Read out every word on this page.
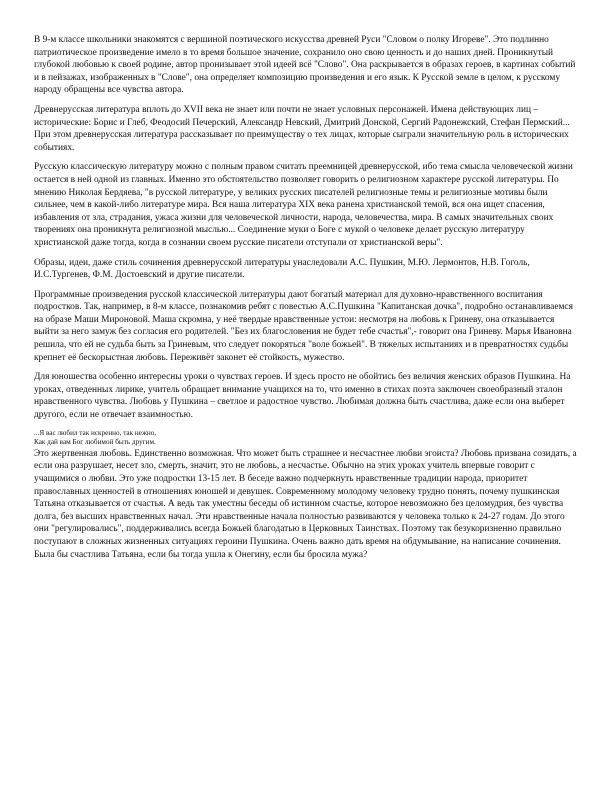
В 9-м классе школьники знакомятся с вершиной поэтического искусства древней Руси "Словом о полку Игореве". Это подлинно патриотическое произведение имело в то время большое значение, сохранило оно свою ценность и до наших дней. Проникнутый глубокой любовью к своей родине, автор пронизывает этой идеей всё "Слово". Она раскрывается в образах героев, в картинах событий и в пейзажах, изображенных в "Слове", она определяет композицию произведения и его язык. К Русской земле в целом, к русскому народу обращены все чувства автора.

Древнерусская литература вплоть до XVII века не знает или почти не знает условных персонажей. Имена действующих лиц – исторические: Борис и Глеб, Феодосий Печерский, Александр Невский, Дмитрий Донской, Сергий Радонежский, Стефан Пермский... При этом древнерусская литература рассказывает по преимуществу о тех лицах, которые сыграли значительную роль в исторических событиях.

Русскую классическую литературу можно с полным правом считать преемницей древнерусской, ибо тема смысла человеческой жизни остается в ней одной из главных. Именно это обстоятельство позволяет говорить о религиозном характере русской литературы. По мнению Николая Бердяева, "в русской литературе, у великих русских писателей религиозные темы и религиозные мотивы были сильнее, чем в какой-либо литературе мира. Вся наша литература XIX века ранена христианской темой, вся она ищет спасения, избавления от зла, страдания, ужаса жизни для человеческой личности, народа, человечества, мира. В самых значительных своих творениях она проникнута религиозной мыслью... Соединение муки о Боге с мукой о человеке делает русскую литературу христианской даже тогда, когда в сознании своем русские писатели отступали от христианской веры".

Образы, идеи, даже стиль сочинения древнерусской литературы унаследовали А.С. Пушкин, М.Ю. Лермонтов, Н.В. Гоголь, И.С.Тургенев, Ф.М. Достоевский и другие писатели.

Программные произведения русской классической литературы дают богатый материал для духовно-нравственного воспитания подростков. Так, например, в 8-м классе, познакомив ребят с повестью А.С.Пушкина "Капитанская дочка", подробно останавливаемся на образе Маши Мироновой. Маша скромна, у неё твердые нравственные устои: несмотря на любовь к Гриневу, она отказывается выйти за него замуж без согласия его родителей. "Без их благословения не будет тебе счастья",- говорит она Гриневу. Марья Ивановна решила, что ей не судьба быть за Гриневым, что следует покоряться "воле божьей". В тяжелых испытаниях и в превратностях судьбы крепнет её бескорыстная любовь. Переживёт законет её стойкость, мужество.

Для юношества особенно интересны уроки о чувствах героев. И здесь просто не обойтись без величия женских образов Пушкина. На уроках, отведенных лирике, учитель обращает внимание учащихся на то, что именно в стихах поэта заключен своеобразный эталон нравственного чувства. Любовь у Пушкина – светлое и радостное чувство. Любимая должна быть счастлива, даже если она выберет другого, если не отвечает взаимностью.

...Я вас любил так искренно, так нежно,
Как дай вам Бог любимой быть другим.

Это жертвенная любовь. Единственно возможная. Что может быть страшнее и несчастнее любви эгоиста? Любовь призвана созидать, а если она разрушает, несет зло, смерть, значит, это не любовь, а несчастье. Обычно на этих уроках учитель впервые говорит с учащимися о любви. Это уже подростки 13-15 лет. В беседе важно подчеркнуть нравственные традиции народа, приоритет православных ценностей в отношениях юношей и девушек. Современному молодому человеку трудно понять, почему пушкинская Татьяна отказывается от счастья. А ведь так уместны беседы об истинном счастье, которое невозможно без целомудрия, без чувства долга, без высших нравственных начал. Эти нравственные начала полностью развиваются у человека только к 24-27 годам. До этого они "регулировались", поддерживались всегда Божьей благодатью в Церковных Таинствах. Поэтому так безукоризненно правильно поступают в сложных жизненных ситуациях героини Пушкина. Очень важно дать время на обдумывание, на написание сочинения. Была бы счастлива Татьяна, если бы тогда ушла к Онегину, если бы бросила мужа?
